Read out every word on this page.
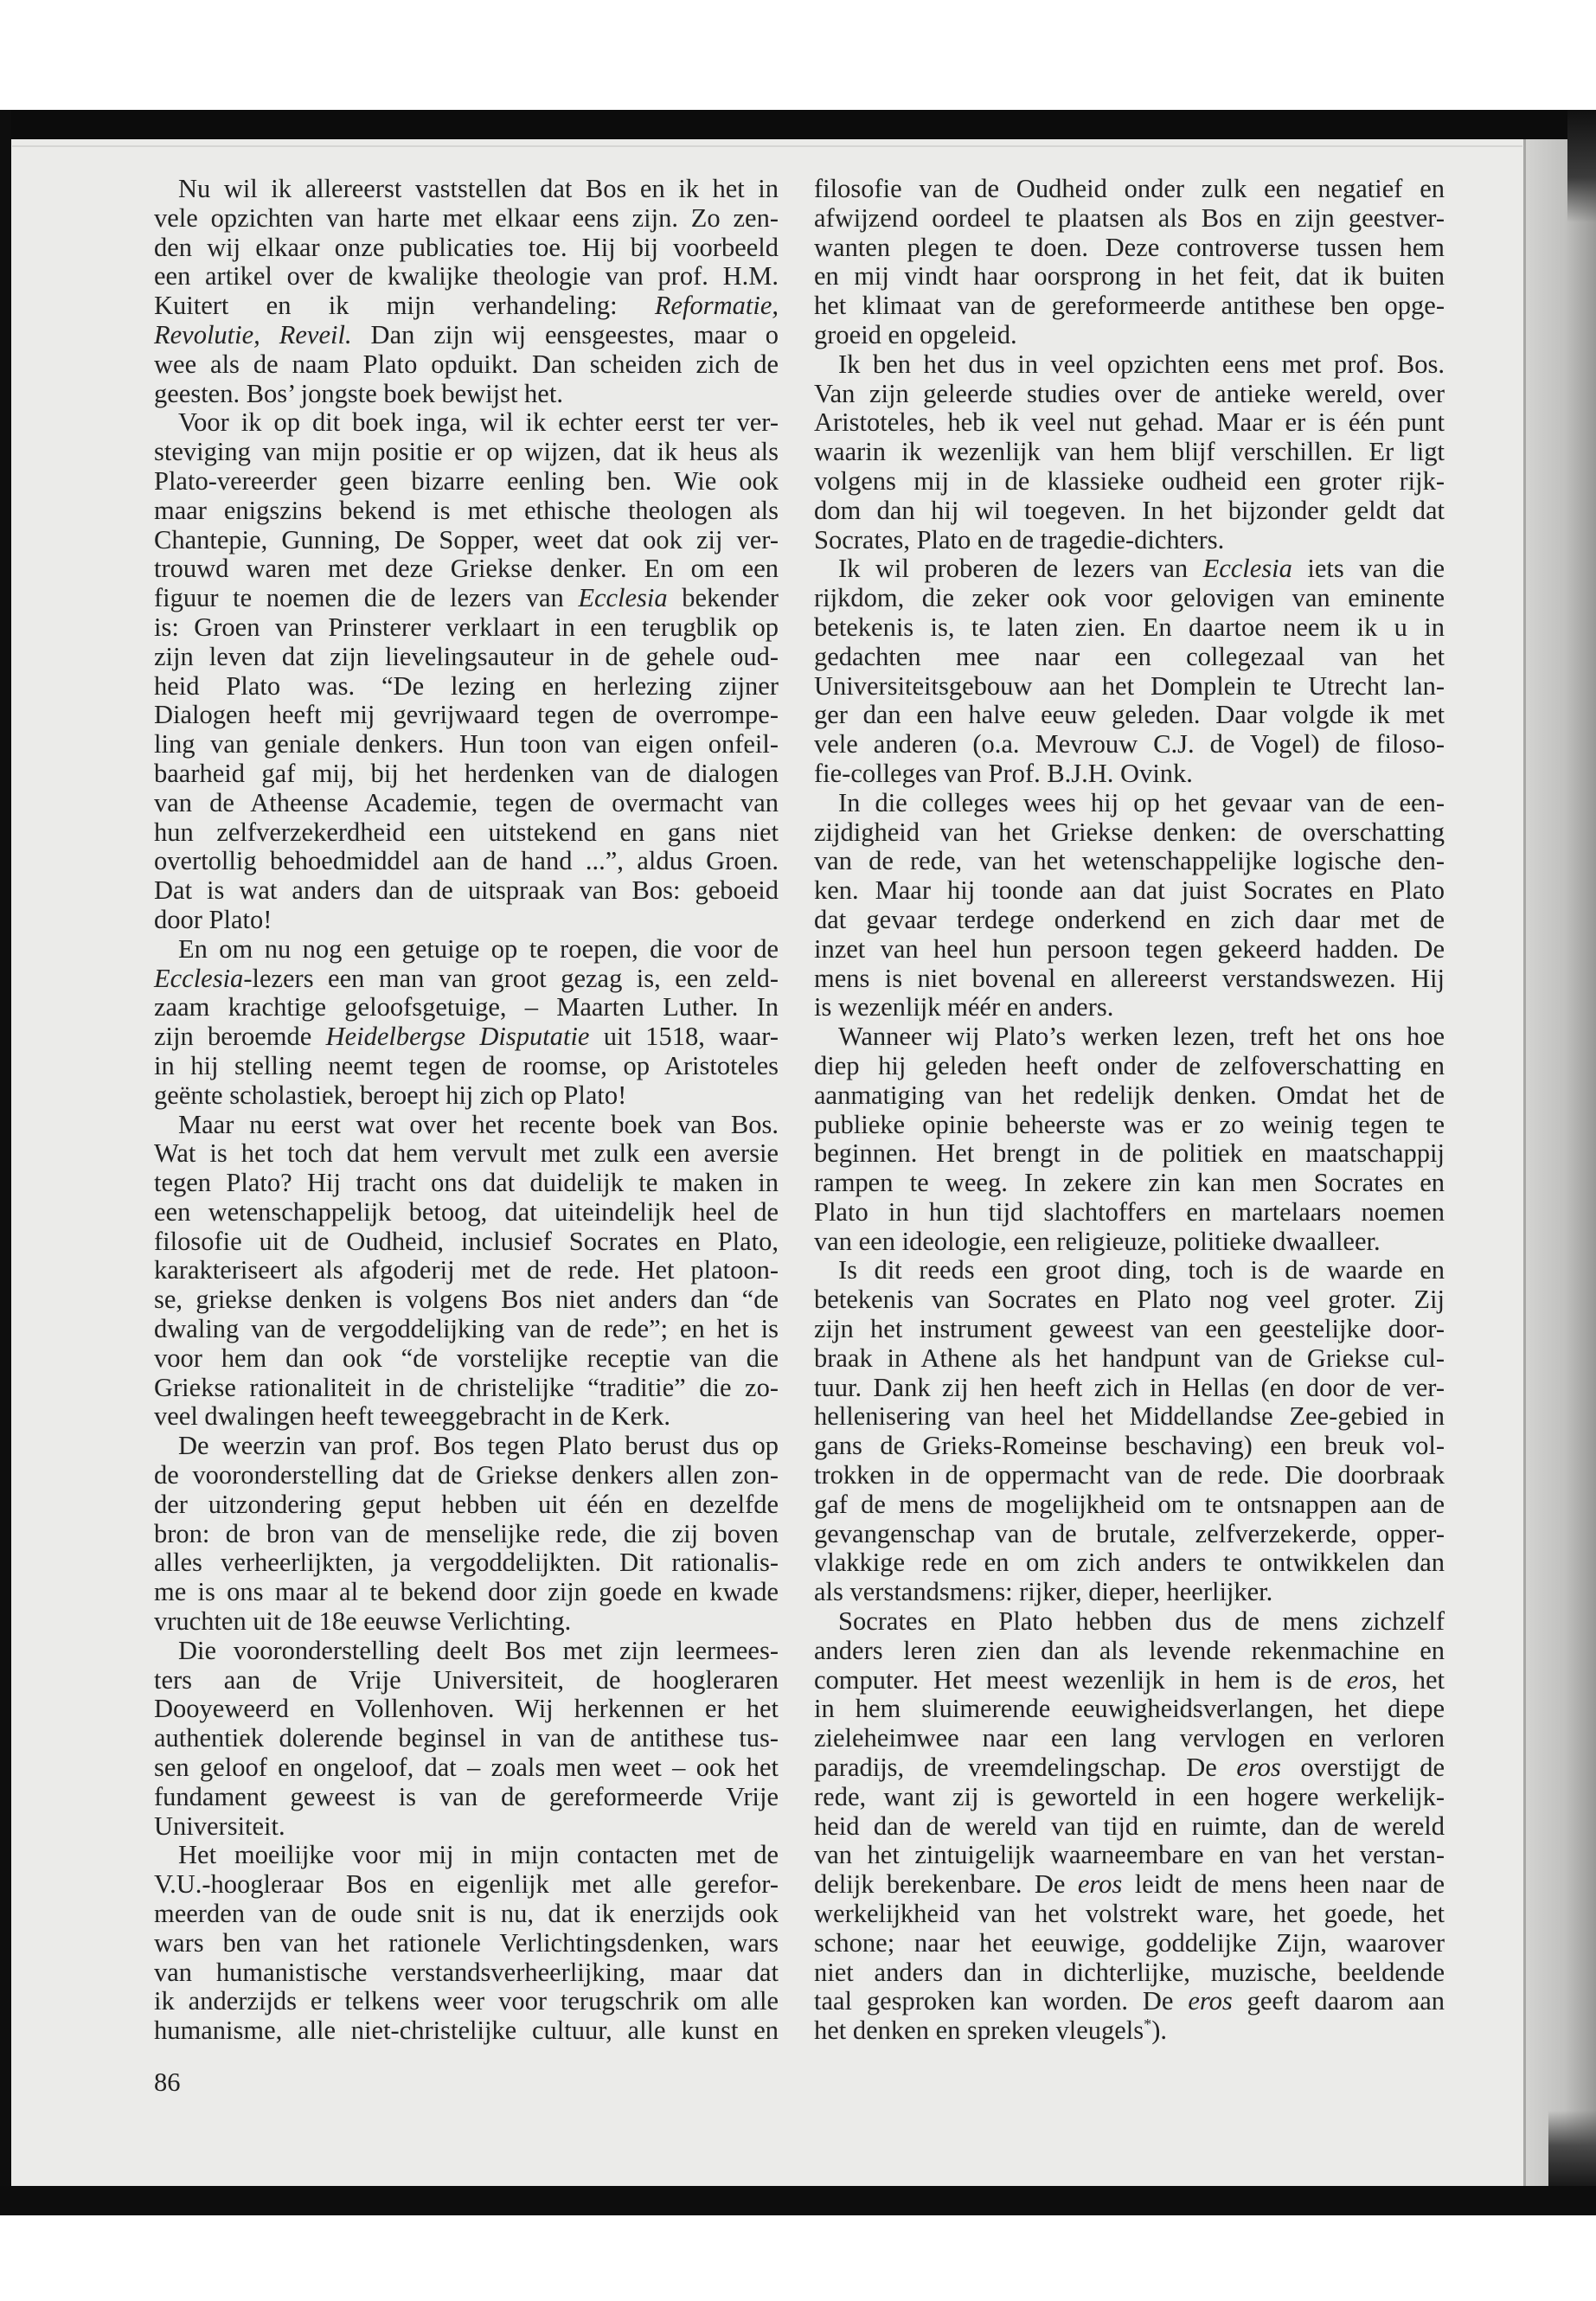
Nu wil ik allereerst vaststellen dat Bos en ik het in
vele opzichten van harte met elkaar eens zijn. Zo zen-
den wij elkaar onze publicaties toe. Hij bij voorbeeld
een artikel over de kwalijke theologie van prof. H.M.
Kuitert en ik mijn verhandeling: Reformatie,
Revolutie, Reveil. Dan zijn wij eensgeestes, maar o
wee als de naam Plato opduikt. Dan scheiden zich de
geesten. Bos’ jongste boek bewijst het.
Voor ik op dit boek inga, wil ik echter eerst ter ver-
steviging van mijn positie er op wijzen, dat ik heus als
Plato-vereerder geen bizarre eenling ben. Wie ook
maar enigszins bekend is met ethische theologen als
Chantepie, Gunning, De Sopper, weet dat ook zij ver-
trouwd waren met deze Griekse denker. En om een
figuur te noemen die de lezers van Ecclesia bekender
is: Groen van Prinsterer verklaart in een terugblik op
zijn leven dat zijn lievelingsauteur in de gehele oud-
heid Plato was. “De lezing en herlezing zijner
Dialogen heeft mij gevrijwaard tegen de overrompe-
ling van geniale denkers. Hun toon van eigen onfeil-
baarheid gaf mij, bij het herdenken van de dialogen
van de Atheense Academie, tegen de overmacht van
hun zelfverzekerdheid een uitstekend en gans niet
overtollig behoedmiddel aan de hand ...”, aldus Groen.
Dat is wat anders dan de uitspraak van Bos: geboeid
door Plato!
En om nu nog een getuige op te roepen, die voor de
Ecclesia-lezers een man van groot gezag is, een zeld-
zaam krachtige geloofsgetuige, – Maarten Luther. In
zijn beroemde Heidelbergse Disputatie uit 1518, waar-
in hij stelling neemt tegen de roomse, op Aristoteles
geënte scholastiek, beroept hij zich op Plato!
Maar nu eerst wat over het recente boek van Bos.
Wat is het toch dat hem vervult met zulk een aversie
tegen Plato? Hij tracht ons dat duidelijk te maken in
een wetenschappelijk betoog, dat uiteindelijk heel de
filosofie uit de Oudheid, inclusief Socrates en Plato,
karakteriseert als afgoderij met de rede. Het platoon-
se, griekse denken is volgens Bos niet anders dan “de
dwaling van de vergoddelijking van de rede”; en het is
voor hem dan ook “de vorstelijke receptie van die
Griekse rationaliteit in de christelijke “traditie” die zo-
veel dwalingen heeft teweeggebracht in de Kerk.
De weerzin van prof. Bos tegen Plato berust dus op
de vooronderstelling dat de Griekse denkers allen zon-
der uitzondering geput hebben uit één en dezelfde
bron: de bron van de menselijke rede, die zij boven
alles verheerlijkten, ja vergoddelijkten. Dit rationalis-
me is ons maar al te bekend door zijn goede en kwade
vruchten uit de 18e eeuwse Verlichting.
Die vooronderstelling deelt Bos met zijn leermees-
ters aan de Vrije Universiteit, de hoogleraren
Dooyeweerd en Vollenhoven. Wij herkennen er het
authentiek dolerende beginsel in van de antithese tus-
sen geloof en ongeloof, dat – zoals men weet – ook het
fundament geweest is van de gereformeerde Vrije
Universiteit.
Het moeilijke voor mij in mijn contacten met de
V.U.-hoogleraar Bos en eigenlijk met alle gerefor-
meerden van de oude snit is nu, dat ik enerzijds ook
wars ben van het rationele Verlichtingsdenken, wars
van humanistische verstandsverheerlijking, maar dat
ik anderzijds er telkens weer voor terugschrik om alle
humanisme, alle niet-christelijke cultuur, alle kunst en
filosofie van de Oudheid onder zulk een negatief en
afwijzend oordeel te plaatsen als Bos en zijn geestver-
wanten plegen te doen. Deze controverse tussen hem
en mij vindt haar oorsprong in het feit, dat ik buiten
het klimaat van de gereformeerde antithese ben opge-
groeid en opgeleid.
Ik ben het dus in veel opzichten eens met prof. Bos.
Van zijn geleerde studies over de antieke wereld, over
Aristoteles, heb ik veel nut gehad. Maar er is één punt
waarin ik wezenlijk van hem blijf verschillen. Er ligt
volgens mij in de klassieke oudheid een groter rijk-
dom dan hij wil toegeven. In het bijzonder geldt dat
Socrates, Plato en de tragedie-dichters.
Ik wil proberen de lezers van Ecclesia iets van die
rijkdom, die zeker ook voor gelovigen van eminente
betekenis is, te laten zien. En daartoe neem ik u in
gedachten mee naar een collegezaal van het
Universiteitsgebouw aan het Domplein te Utrecht lan-
ger dan een halve eeuw geleden. Daar volgde ik met
vele anderen (o.a. Mevrouw C.J. de Vogel) de filoso-
fie-colleges van Prof. B.J.H. Ovink.
In die colleges wees hij op het gevaar van de een-
zijdigheid van het Griekse denken: de overschatting
van de rede, van het wetenschappelijke logische den-
ken. Maar hij toonde aan dat juist Socrates en Plato
dat gevaar terdege onderkend en zich daar met de
inzet van heel hun persoon tegen gekeerd hadden. De
mens is niet bovenal en allereerst verstandswezen. Hij
is wezenlijk méér en anders.
Wanneer wij Plato’s werken lezen, treft het ons hoe
diep hij geleden heeft onder de zelfoverschatting en
aanmatiging van het redelijk denken. Omdat het de
publieke opinie beheerste was er zo weinig tegen te
beginnen. Het brengt in de politiek en maatschappij
rampen te weeg. In zekere zin kan men Socrates en
Plato in hun tijd slachtoffers en martelaars noemen
van een ideologie, een religieuze, politieke dwaalleer.
Is dit reeds een groot ding, toch is de waarde en
betekenis van Socrates en Plato nog veel groter. Zij
zijn het instrument geweest van een geestelijke door-
braak in Athene als het handpunt van de Griekse cul-
tuur. Dank zij hen heeft zich in Hellas (en door de ver-
hellenisering van heel het Middellandse Zee-gebied in
gans de Grieks-Romeinse beschaving) een breuk vol-
trokken in de oppermacht van de rede. Die doorbraak
gaf de mens de mogelijkheid om te ontsnappen aan de
gevangenschap van de brutale, zelfverzekerde, opper-
vlakkige rede en om zich anders te ontwikkelen dan
als verstandsmens: rijker, dieper, heerlijker.
Socrates en Plato hebben dus de mens zichzelf
anders leren zien dan als levende rekenmachine en
computer. Het meest wezenlijk in hem is de eros, het
in hem sluimerende eeuwigheidsverlangen, het diepe
zieleheimwee naar een lang vervlogen en verloren
paradijs, de vreemdelingschap. De eros overstijgt de
rede, want zij is geworteld in een hogere werkelijk-
heid dan de wereld van tijd en ruimte, dan de wereld
van het zintuigelijk waarneembare en van het verstan-
delijk berekenbare. De eros leidt de mens heen naar de
werkelijkheid van het volstrekt ware, het goede, het
schone; naar het eeuwige, goddelijke Zijn, waarover
niet anders dan in dichterlijke, muzische, beeldende
taal gesproken kan worden. De eros geeft daarom aan
het denken en spreken vleugels*).
86
